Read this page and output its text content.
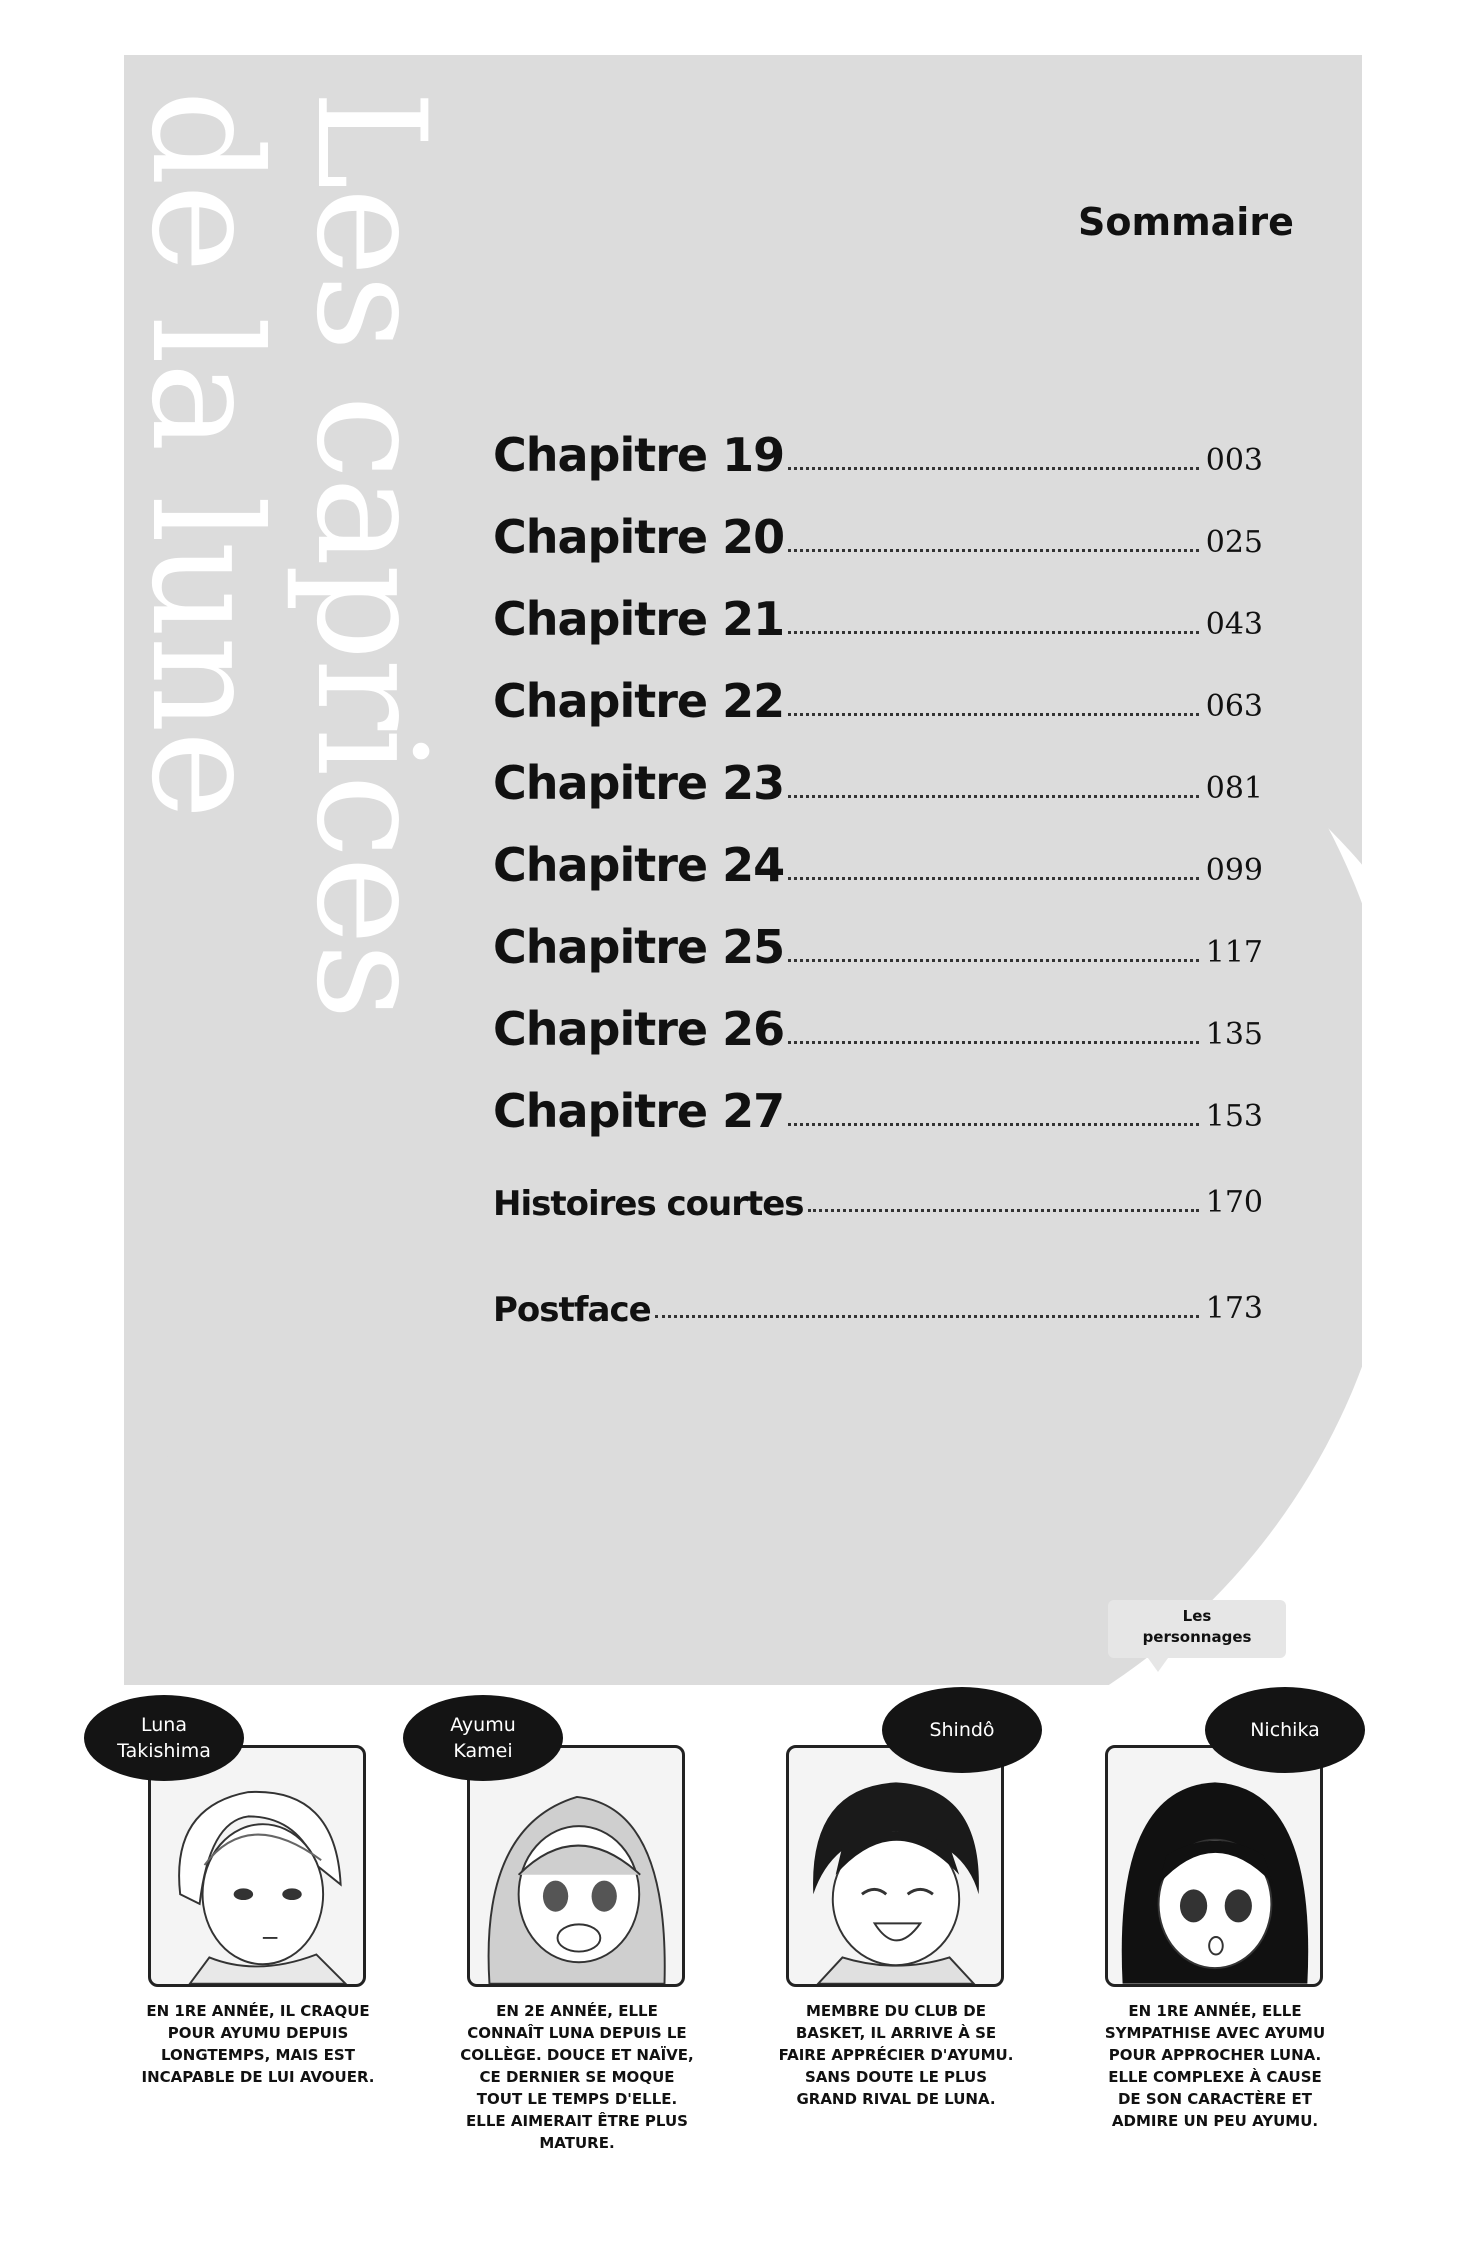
Les caprices
de la lune	Sommaire
Chapitre 19	003
Chapitre 20	025
Chapitre 21	043
Chapitre 22	063
Chapitre 23	081
Chapitre 24	099
Chapitre 25	117
Chapitre 26	135
Chapitre 27	153
Histoires courtes	170
Postface	173
Les
personnages
Luna
Takishima
EN 1RE ANNÉE, IL CRAQUE POUR AYUMU DEPUIS LONGTEMPS, MAIS EST INCAPABLE DE LUI AVOUER.
Ayumu
Kamei
EN 2E ANNÉE, ELLE CONNAÎT LUNA DEPUIS LE COLLÈGE. DOUCE ET NAÏVE, CE DERNIER SE MOQUE TOUT LE TEMPS D'ELLE. ELLE AIMERAIT ÊTRE PLUS MATURE.
Shindô
MEMBRE DU CLUB DE BASKET, IL ARRIVE À SE FAIRE APPRÉCIER D'AYUMU. SANS DOUTE LE PLUS GRAND RIVAL DE LUNA.
Nichika
EN 1RE ANNÉE, ELLE SYMPATHISE AVEC AYUMU POUR APPROCHER LUNA. ELLE COMPLEXE À CAUSE DE SON CARACTÈRE ET ADMIRE UN PEU AYUMU.
